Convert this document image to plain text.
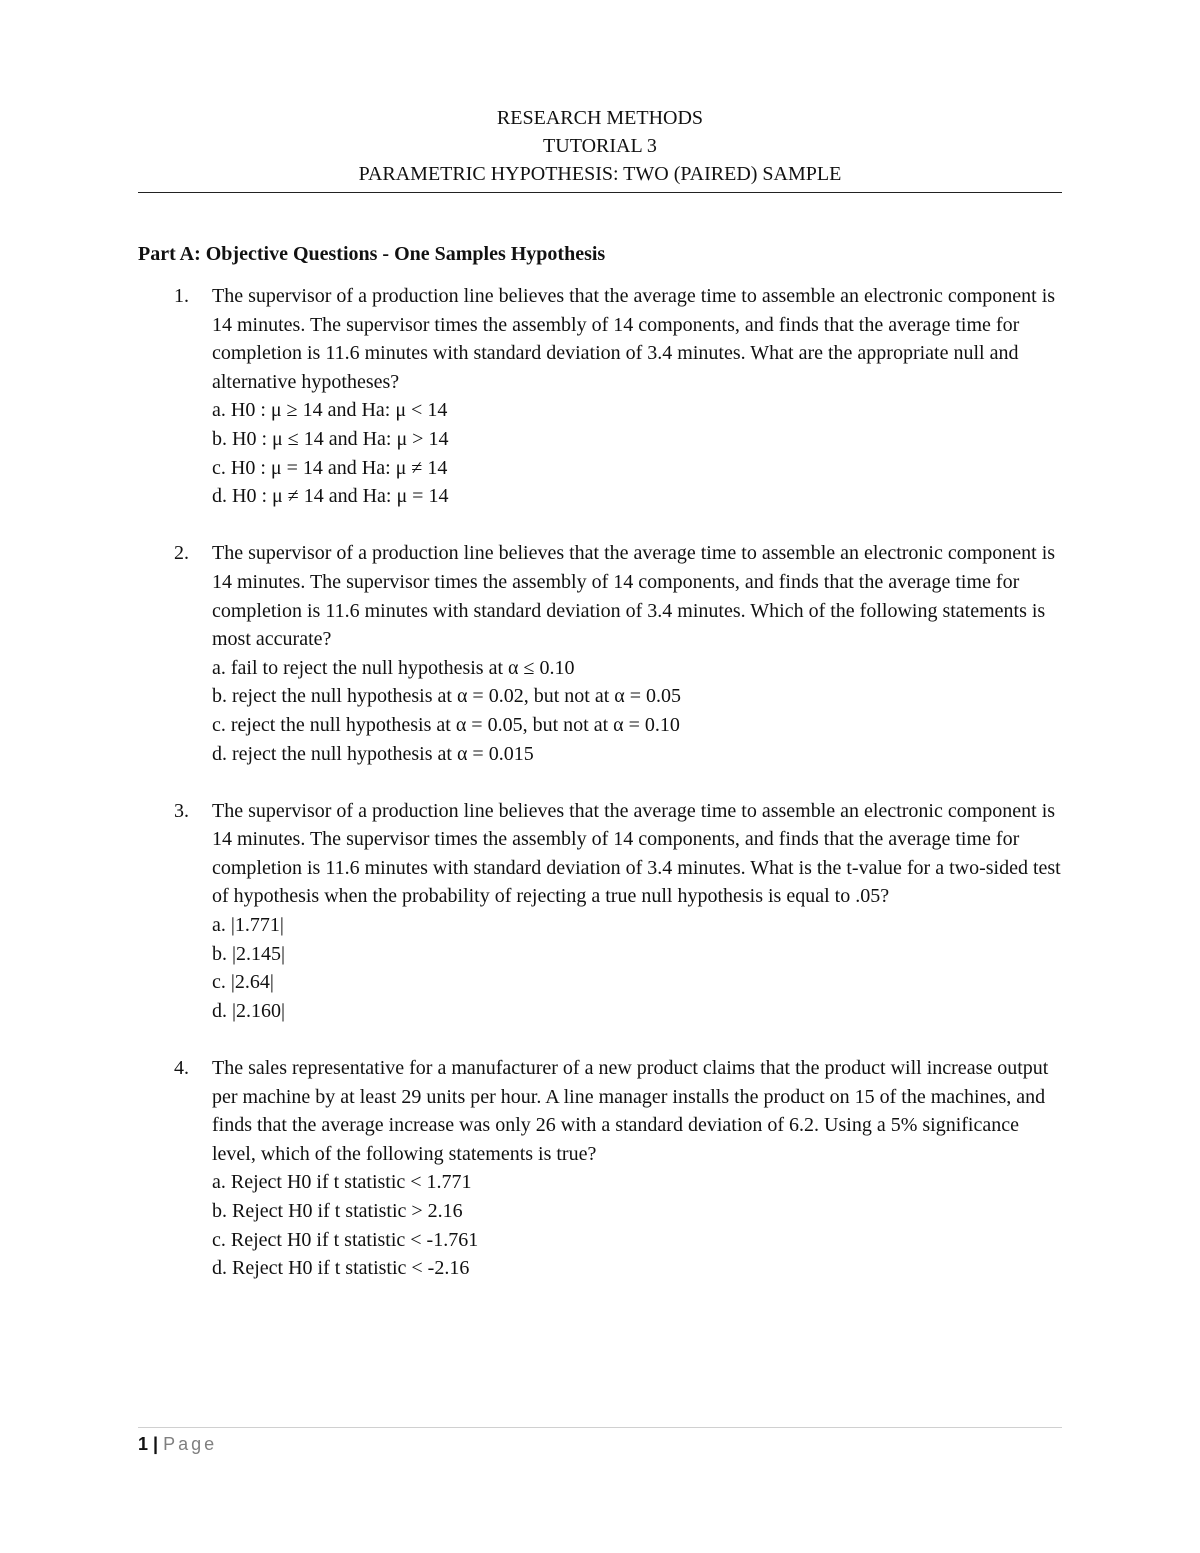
RESEARCH METHODS
TUTORIAL 3
PARAMETRIC HYPOTHESIS: TWO (PAIRED) SAMPLE
Part A: Objective Questions - One Samples Hypothesis
1. The supervisor of a production line believes that the average time to assemble an electronic component is 14 minutes. The supervisor times the assembly of 14 components, and finds that the average time for completion is 11.6 minutes with standard deviation of 3.4 minutes. What are the appropriate null and alternative hypotheses?
a. H0 : μ ≥ 14 and Ha: μ < 14
b. H0 : μ ≤ 14 and Ha: μ > 14
c. H0 : μ = 14 and Ha: μ ≠ 14
d. H0 : μ ≠ 14 and Ha: μ = 14
2. The supervisor of a production line believes that the average time to assemble an electronic component is 14 minutes. The supervisor times the assembly of 14 components, and finds that the average time for completion is 11.6 minutes with standard deviation of 3.4 minutes. Which of the following statements is most accurate?
a. fail to reject the null hypothesis at α ≤ 0.10
b. reject the null hypothesis at α = 0.02, but not at α = 0.05
c. reject the null hypothesis at α = 0.05, but not at α = 0.10
d. reject the null hypothesis at α = 0.015
3. The supervisor of a production line believes that the average time to assemble an electronic component is 14 minutes. The supervisor times the assembly of 14 components, and finds that the average time for completion is 11.6 minutes with standard deviation of 3.4 minutes. What is the t-value for a two-sided test of hypothesis when the probability of rejecting a true null hypothesis is equal to .05?
a. |1.771|
b. |2.145|
c. |2.64|
d. |2.160|
4. The sales representative for a manufacturer of a new product claims that the product will increase output per machine by at least 29 units per hour. A line manager installs the product on 15 of the machines, and finds that the average increase was only 26 with a standard deviation of 6.2. Using a 5% significance level, which of the following statements is true?
a. Reject H0 if t statistic < 1.771
b. Reject H0 if t statistic > 2.16
c. Reject H0 if t statistic < -1.761
d. Reject H0 if t statistic < -2.16
1 | Page
